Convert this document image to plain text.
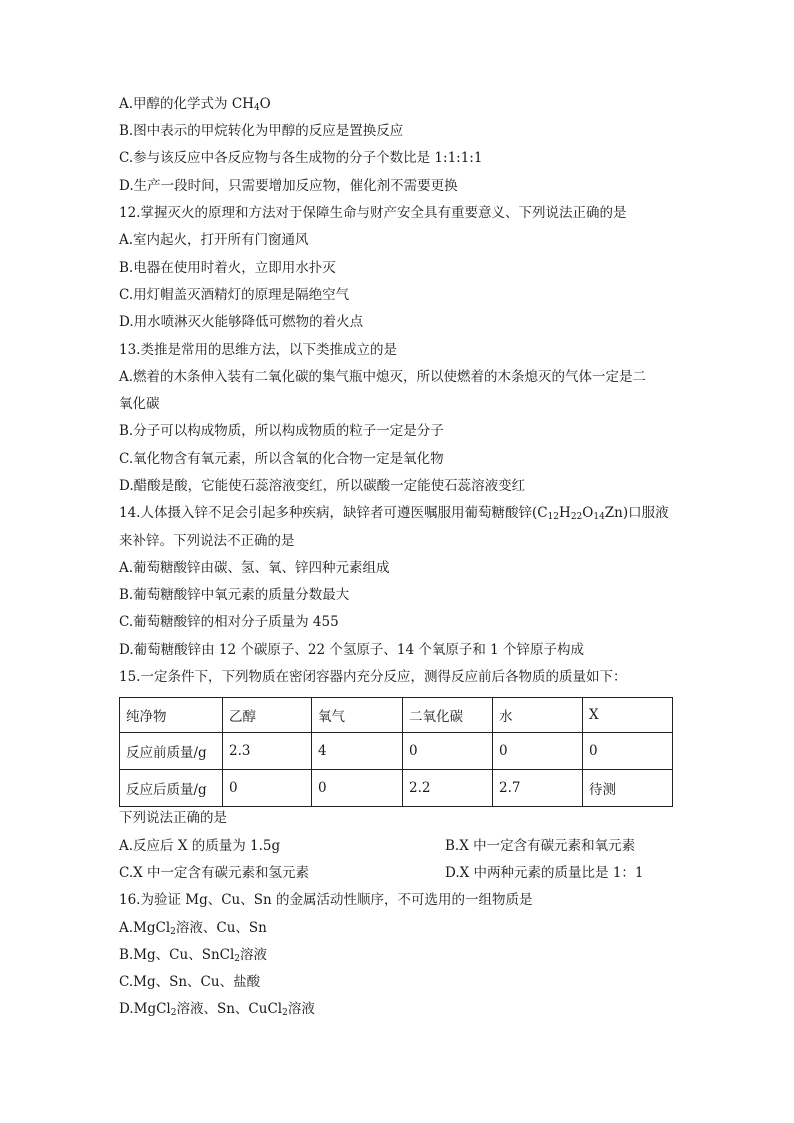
A.甲醇的化学式为 $CH_4O$
B.图中表示的甲烷转化为甲醇的反应是置换反应
C.参与该反应中各反应物与各生成物的分子个数比是 1:1:1:1
D.生产一段时间，只需要增加反应物，催化剂不需要更换
12.掌握灭火的原理和方法对于保障生命与财产安全具有重要意义、下列说法正确的是
A.室内起火，打开所有门窗通风
B.电器在使用时着火，立即用水扑灭
C.用灯帽盖灭酒精灯的原理是隔绝空气
D.用水喷淋灭火能够降低可燃物的着火点
13.类推是常用的思维方法，以下类推成立的是
A.燃着的木条伸入装有二氧化碳的集气瓶中熄灭，所以使燃着的木条熄灭的气体一定是二
氧化碳
B.分子可以构成物质，所以构成物质的粒子一定是分子
C.氧化物含有氧元素，所以含氧的化合物一定是氧化物
D.醋酸是酸，它能使石蕊溶液变红，所以碳酸一定能使石蕊溶液变红
14.人体摄入锌不足会引起多种疾病，缺锌者可遵医嘱服用葡萄糖酸锌$(C_{12}H_{22}O_{14}Zn)$口服液
来补锌。下列说法不正确的是
A.葡萄糖酸锌由碳、氢、氧、锌四种元素组成
B.葡萄糖酸锌中氧元素的质量分数最大
C.葡萄糖酸锌的相对分子质量为 455
D.葡萄糖酸锌由 12 个碳原子、22 个氢原子、14 个氧原子和 1 个锌原子构成
15.一定条件下，下列物质在密闭容器内充分反应，测得反应前后各物质的质量如下：
纯净物	乙醇	氧气	二氧化碳	水	X
反应前质量/g	2.3	4	0	0	0
反应后质量/g	0	0	2.2	2.7	待测
下列说法正确的是
A.反应后 X 的质量为 1.5g	B.X 中一定含有碳元素和氧元素
C.X 中一定含有碳元素和氢元素	D.X 中两种元素的质量比是 1：1
16.为验证 Mg、Cu、Sn 的金属活动性顺序，不可选用的一组物质是
A.MgCl$_2$溶液、Cu、Sn
B.Mg、Cu、SnCl$_2$溶液
C.Mg、Sn、Cu、盐酸
D.MgCl$_2$溶液、Sn、CuCl$_2$溶液
